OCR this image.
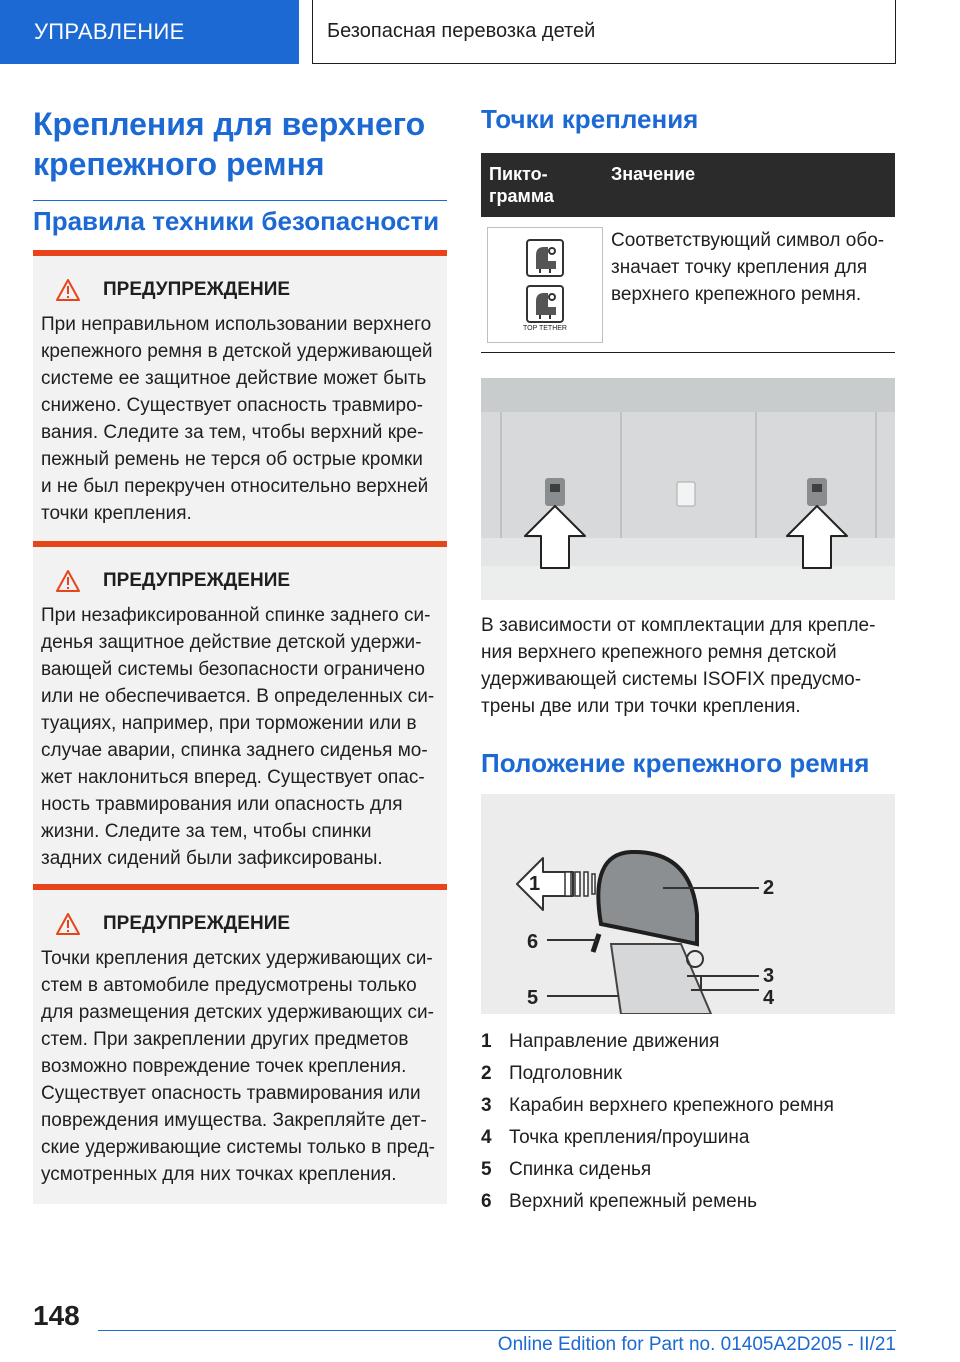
УПРАВЛЕНИЕ	Безопасная перевозка детей
Крепления для верхнего крепежного ремня
Правила техники безопасности
ПРЕДУПРЕЖДЕНИЕ
При неправильном использовании верхнего крепежного ремня в детской удерживающей системе ее защитное действие может быть снижено. Существует опасность травмиро-вания. Следите за тем, чтобы верхний кре-пежный ремень не терся об острые кромки и не был перекручен относительно верхней точки крепления.
ПРЕДУПРЕЖДЕНИЕ
При незафиксированной спинке заднего си-денья защитное действие детской удержи-вающей системы безопасности ограничено или не обеспечивается. В определенных си-туациях, например, при торможении или в случае аварии, спинка заднего сиденья мо-жет наклониться вперед. Существует опас-ность травмирования или опасность для жизни. Следите за тем, чтобы спинки задних сидений были зафиксированы.
ПРЕДУПРЕЖДЕНИЕ
Точки крепления детских удерживающих си-стем в автомобиле предусмотрены только для размещения детских удерживающих си-стем. При закреплении других предметов возможно повреждение точек крепления. Существует опасность травмирования или повреждения имущества. Закрепляйте дет-ские удерживающие системы только в пред-усмотренных для них точках крепления.
Точки крепления
Пикто-грамма
Значение
TOP TETHER
Соответствующий символ обо-значает точку крепления для верхнего крепежного ремня.
В зависимости от комплектации для крепле-ния верхнего крепежного ремня детской удерживающей системы ISOFIX предусмо-трены две или три точки крепления.
Положение крепежного ремня
1	2
3
4
5
6
1 Направление движения
2 Подголовник
3 Карабин верхнего крепежного ремня
4 Точка крепления/проушина
5 Спинка сиденья
6 Верхний крепежный ремень
148
Online Edition for Part no. 01405A2D205 - II/21
